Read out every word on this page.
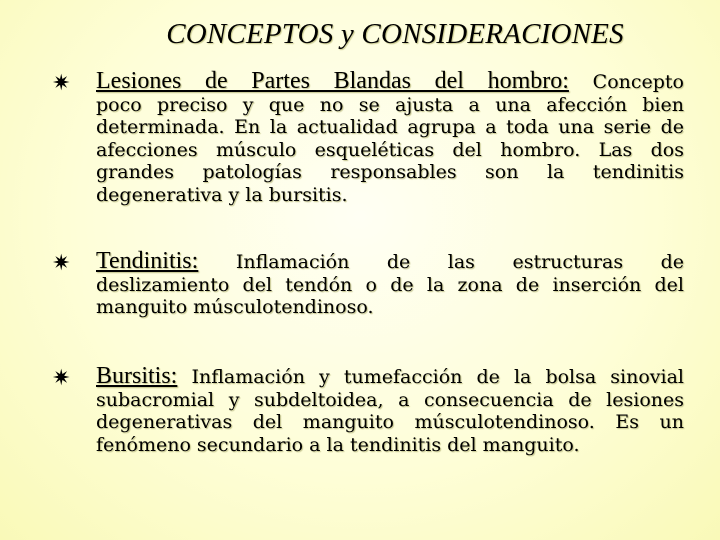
CONCEPTOS y CONSIDERACIONES
✷ Lesiones de Partes Blandas del hombro: Concepto
poco preciso y que no se ajusta a una afección bien determinada. En la actualidad agrupa a toda una serie de afecciones músculo esqueléticas del hombro. Las dos grandes patologías responsables son la tendinitis degenerativa y la bursitis.
✷ Tendinitis: Inflamación de las estructuras de
deslizamiento del tendón o de la zona de inserción del manguito músculotendinoso.
✷ Bursitis: Inflamación y tumefacción de la bolsa sinovial
subacromial y subdeltoidea, a consecuencia de lesiones degenerativas del manguito músculotendinoso. Es un fenómeno secundario a la tendinitis del manguito.
